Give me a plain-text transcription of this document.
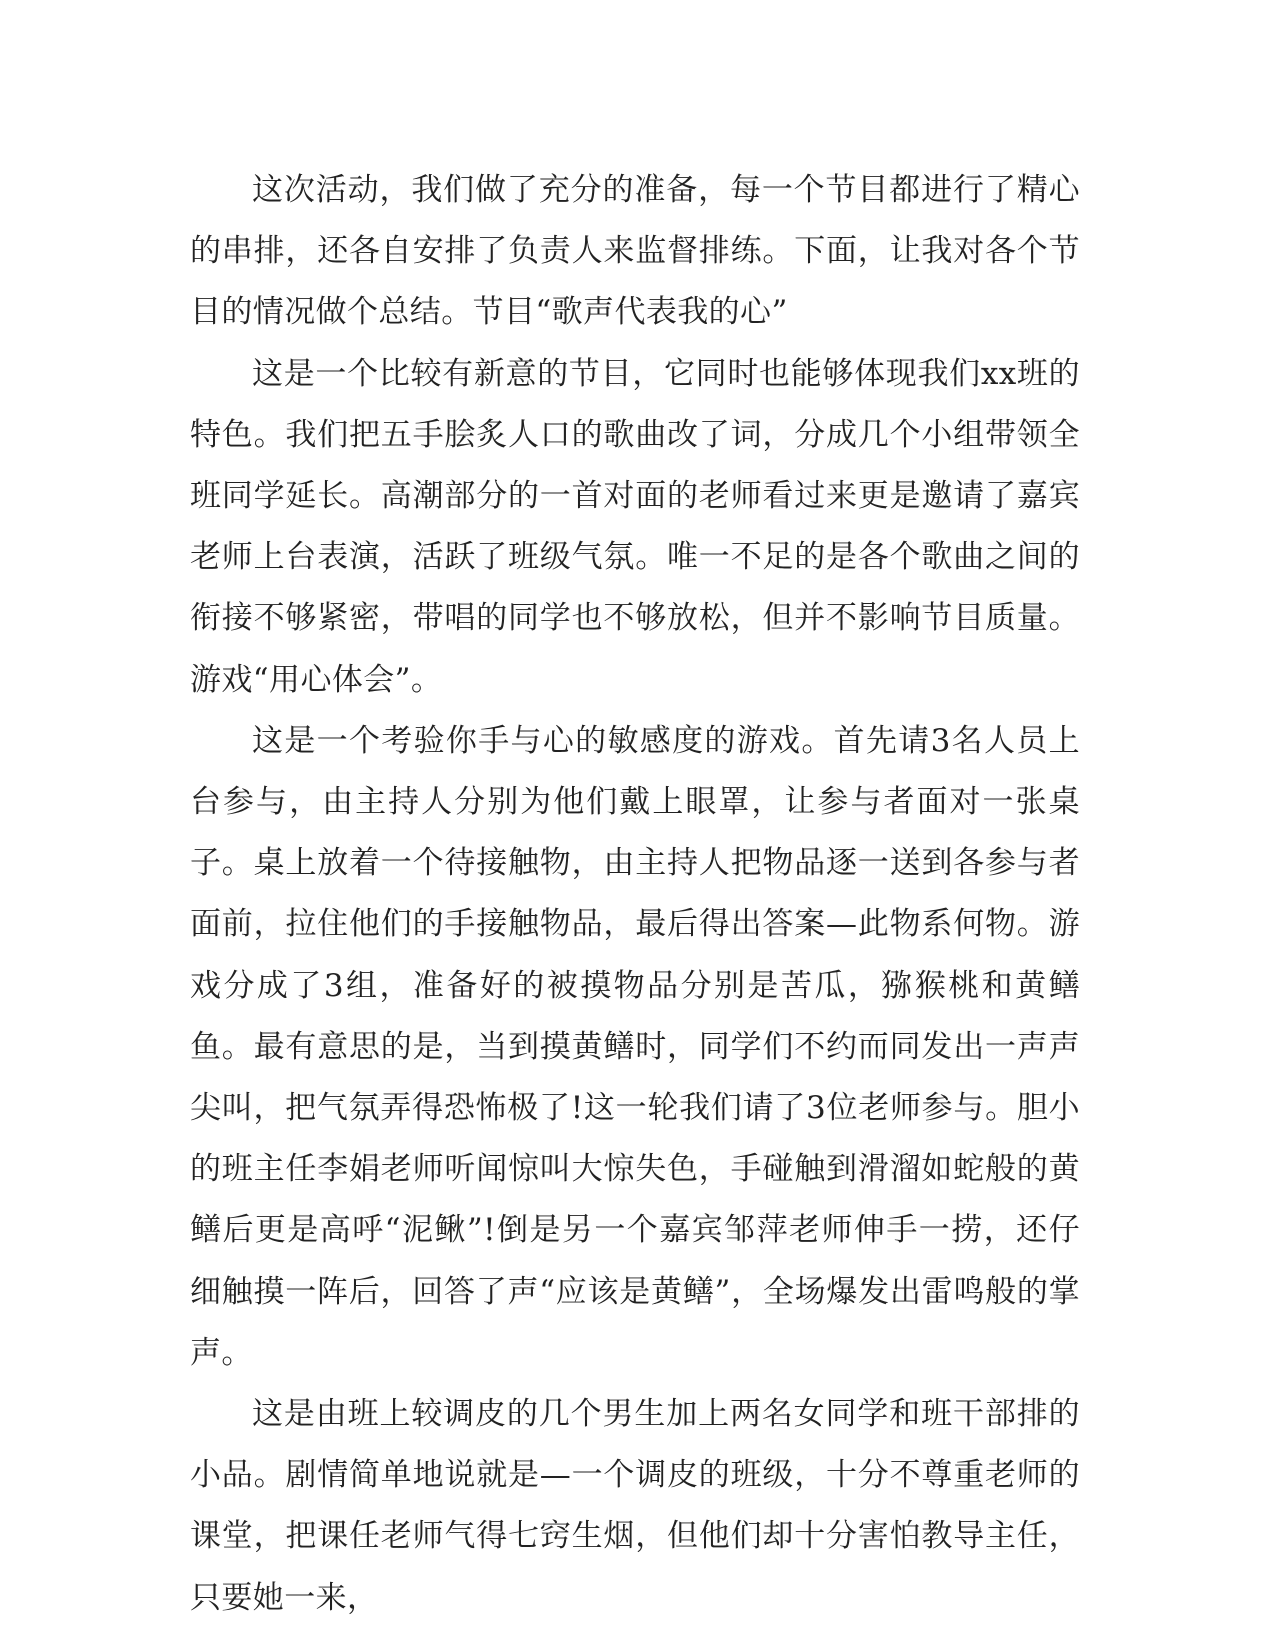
这次活动，我们做了充分的准备，每一个节目都进行了精心的串排，还各自安排了负责人来监督排练。下面，让我对各个节目的情况做个总结。节目“歌声代表我的心”

这是一个比较有新意的节目，它同时也能够体现我们xx班的特色。我们把五手脍炙人口的歌曲改了词，分成几个小组带领全班同学延长。高潮部分的一首对面的老师看过来更是邀请了嘉宾老师上台表演，活跃了班级气氛。唯一不足的是各个歌曲之间的衔接不够紧密，带唱的同学也不够放松，但并不影响节目质量。游戏“用心体会”。

这是一个考验你手与心的敏感度的游戏。首先请3名人员上台参与，由主持人分别为他们戴上眼罩，让参与者面对一张桌子。桌上放着一个待接触物，由主持人把物品逐一送到各参与者面前，拉住他们的手接触物品，最后得出答案—此物系何物。游戏分成了3组，准备好的被摸物品分别是苦瓜，猕猴桃和黄鳝鱼。最有意思的是，当到摸黄鳝时，同学们不约而同发出一声声尖叫，把气氛弄得恐怖极了!这一轮我们请了3位老师参与。胆小的班主任李娟老师听闻惊叫大惊失色，手碰触到滑溜如蛇般的黄鳝后更是高呼“泥鳅”!倒是另一个嘉宾邹萍老师伸手一捞，还仔细触摸一阵后，回答了声“应该是黄鳝”，全场爆发出雷鸣般的掌声。

这是由班上较调皮的几个男生加上两名女同学和班干部排的小品。剧情简单地说就是—一个调皮的班级，十分不尊重老师的课堂，把课任老师气得七窍生烟，但他们却十分害怕教导主任，只要她一来，
